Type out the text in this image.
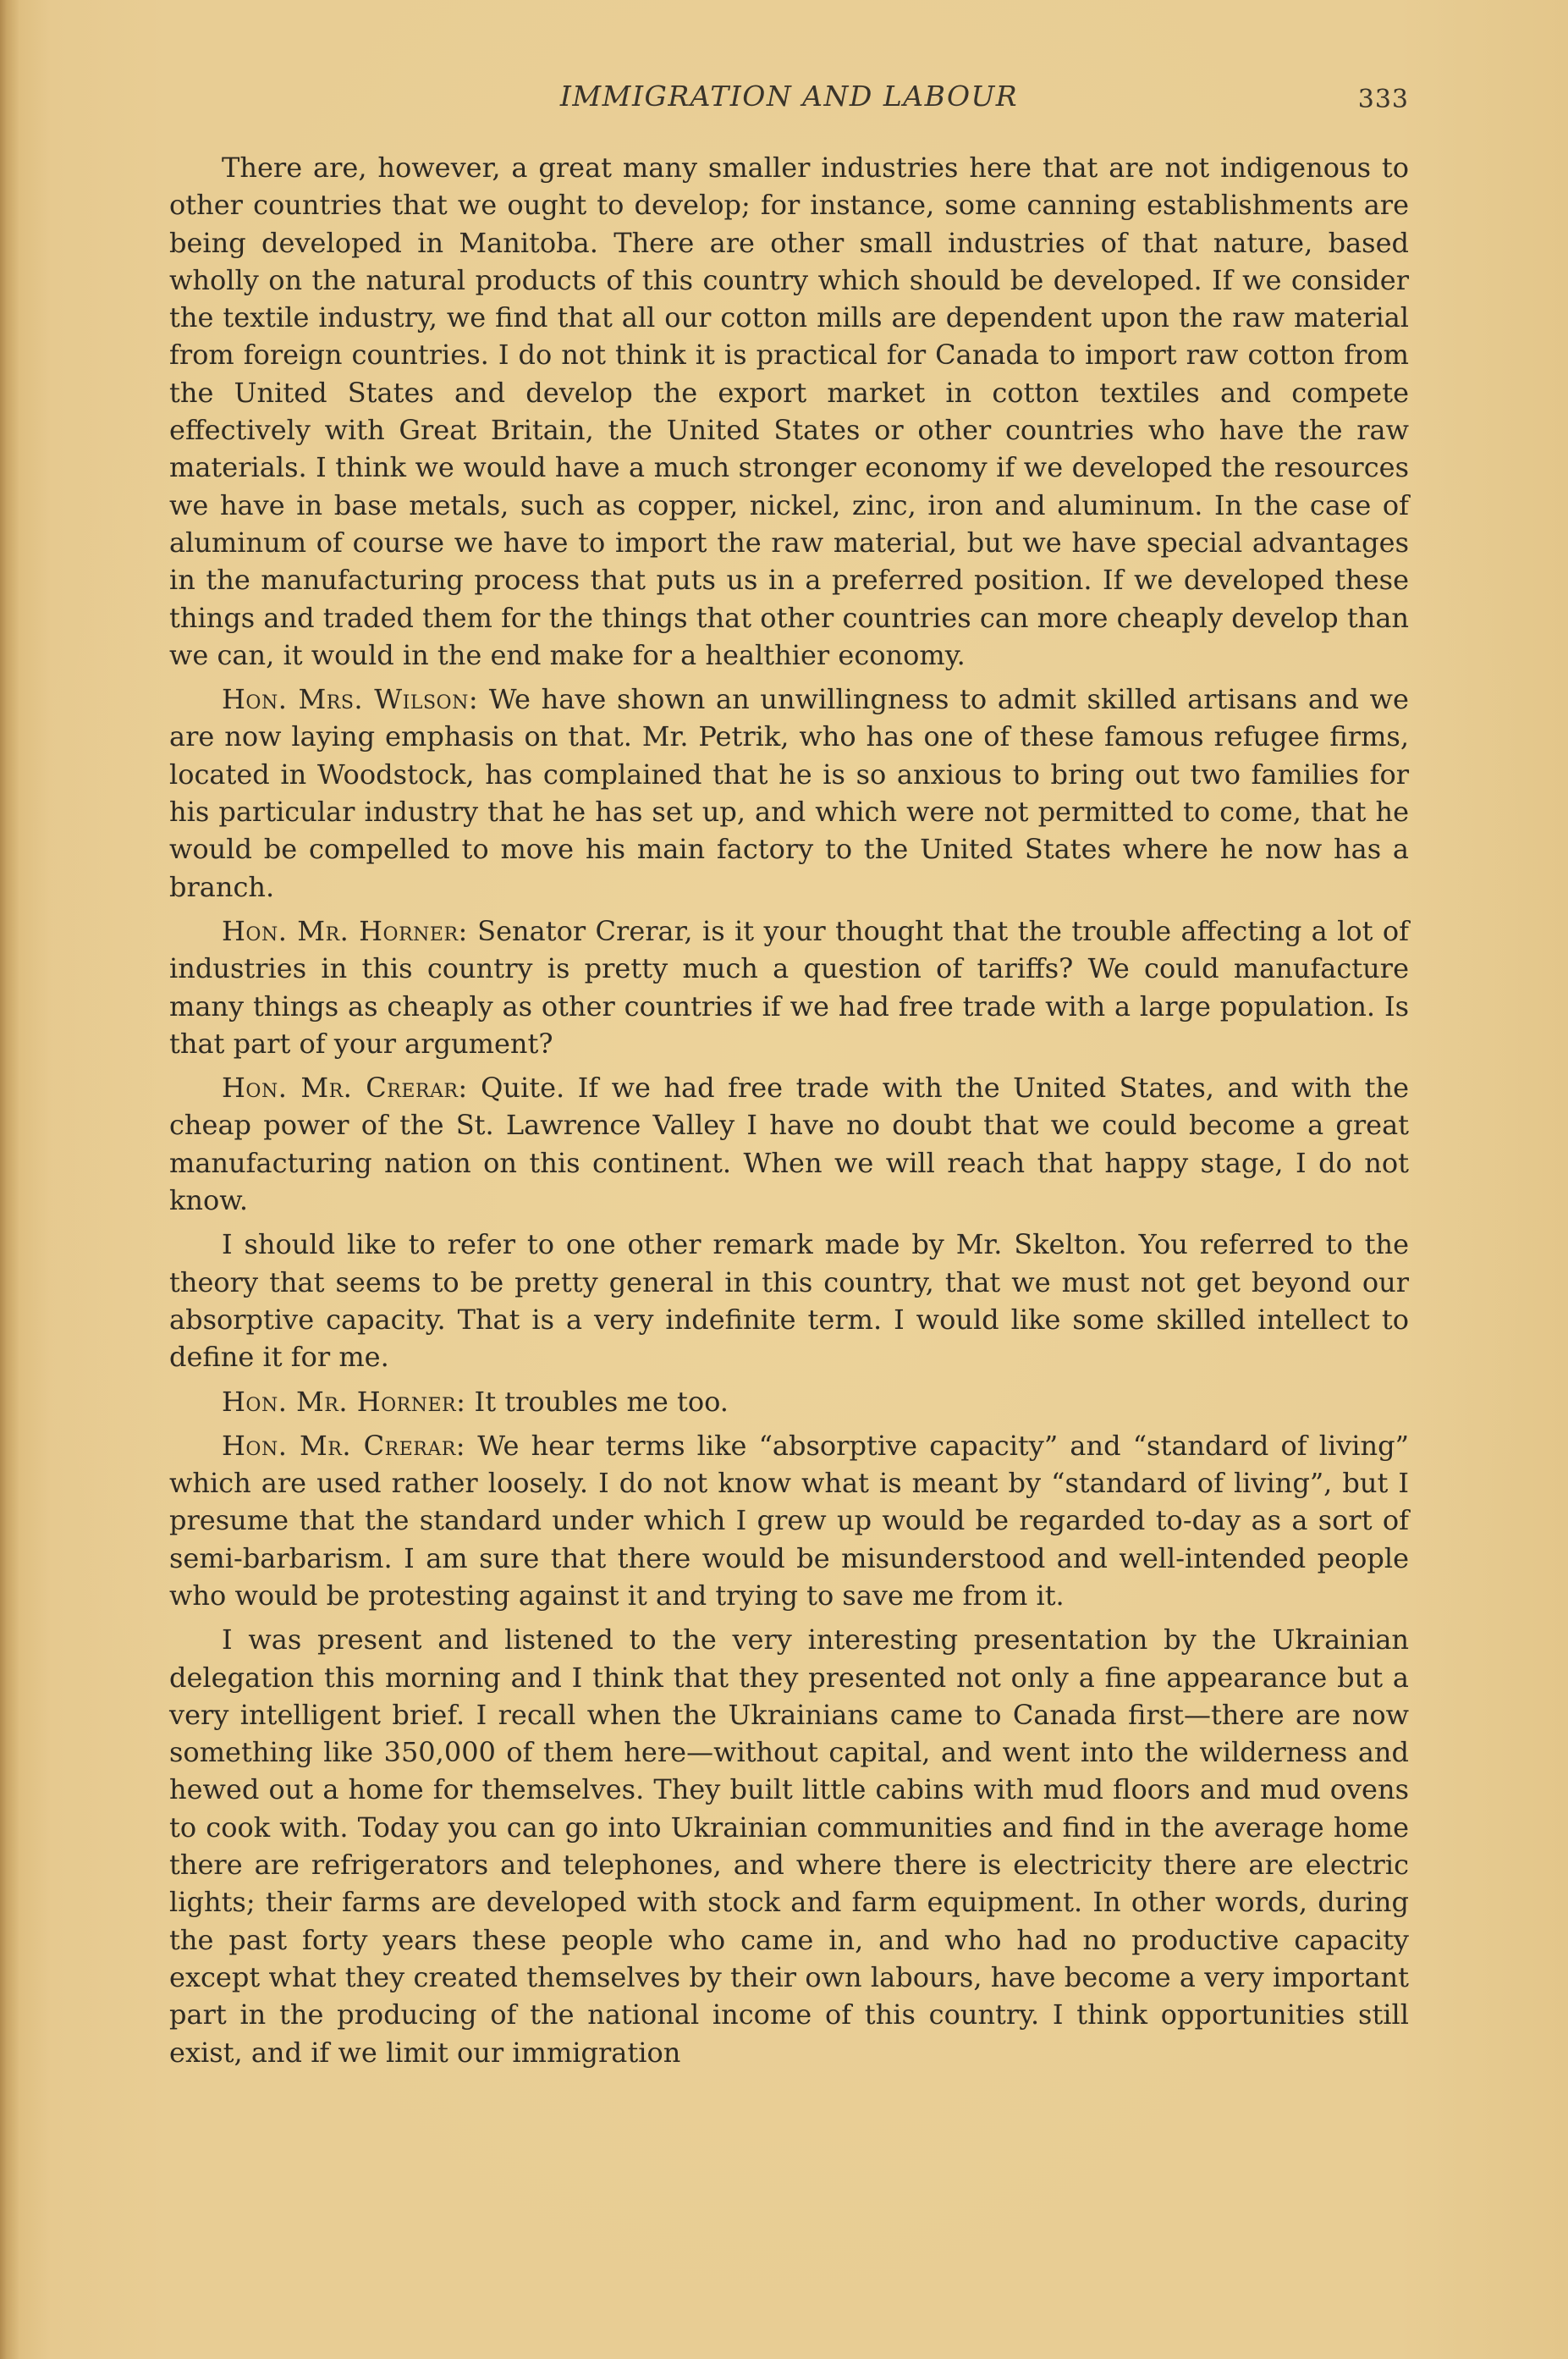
IMMIGRATION AND LABOUR	333

There are, however, a great many smaller industries here that are not indigenous to other countries that we ought to develop; for instance, some canning establishments are being developed in Manitoba. There are other small industries of that nature, based wholly on the natural products of this country which should be developed. If we consider the textile industry, we find that all our cotton mills are dependent upon the raw material from foreign countries. I do not think it is practical for Canada to import raw cotton from the United States and develop the export market in cotton textiles and compete effectively with Great Britain, the United States or other countries who have the raw materials. I think we would have a much stronger economy if we developed the resources we have in base metals, such as copper, nickel, zinc, iron and aluminum. In the case of aluminum of course we have to import the raw material, but we have special advantages in the manufacturing process that puts us in a preferred position. If we developed these things and traded them for the things that other countries can more cheaply develop than we can, it would in the end make for a healthier economy.

Hon. Mrs. Wilson: We have shown an unwillingness to admit skilled artisans and we are now laying emphasis on that. Mr. Petrik, who has one of these famous refugee firms, located in Woodstock, has complained that he is so anxious to bring out two families for his particular industry that he has set up, and which were not permitted to come, that he would be compelled to move his main factory to the United States where he now has a branch.

Hon. Mr. Horner: Senator Crerar, is it your thought that the trouble affecting a lot of industries in this country is pretty much a question of tariffs? We could manufacture many things as cheaply as other countries if we had free trade with a large population. Is that part of your argument?

Hon. Mr. Crerar: Quite. If we had free trade with the United States, and with the cheap power of the St. Lawrence Valley I have no doubt that we could become a great manufacturing nation on this continent. When we will reach that happy stage, I do not know.

I should like to refer to one other remark made by Mr. Skelton. You referred to the theory that seems to be pretty general in this country, that we must not get beyond our absorptive capacity. That is a very indefinite term. I would like some skilled intellect to define it for me.

Hon. Mr. Horner: It troubles me too.

Hon. Mr. Crerar: We hear terms like “absorptive capacity” and “standard of living” which are used rather loosely. I do not know what is meant by “standard of living”, but I presume that the standard under which I grew up would be regarded to-day as a sort of semi-barbarism. I am sure that there would be misunderstood and well-intended people who would be protesting against it and trying to save me from it.

I was present and listened to the very interesting presentation by the Ukrainian delegation this morning and I think that they presented not only a fine appearance but a very intelligent brief. I recall when the Ukrainians came to Canada first—there are now something like 350,000 of them here—without capital, and went into the wilderness and hewed out a home for themselves. They built little cabins with mud floors and mud ovens to cook with. Today you can go into Ukrainian communities and find in the average home there are refrigerators and telephones, and where there is electricity there are electric lights; their farms are developed with stock and farm equipment. In other words, during the past forty years these people who came in, and who had no productive capacity except what they created themselves by their own labours, have become a very important part in the producing of the national income of this country. I think opportunities still exist, and if we limit our immigration
